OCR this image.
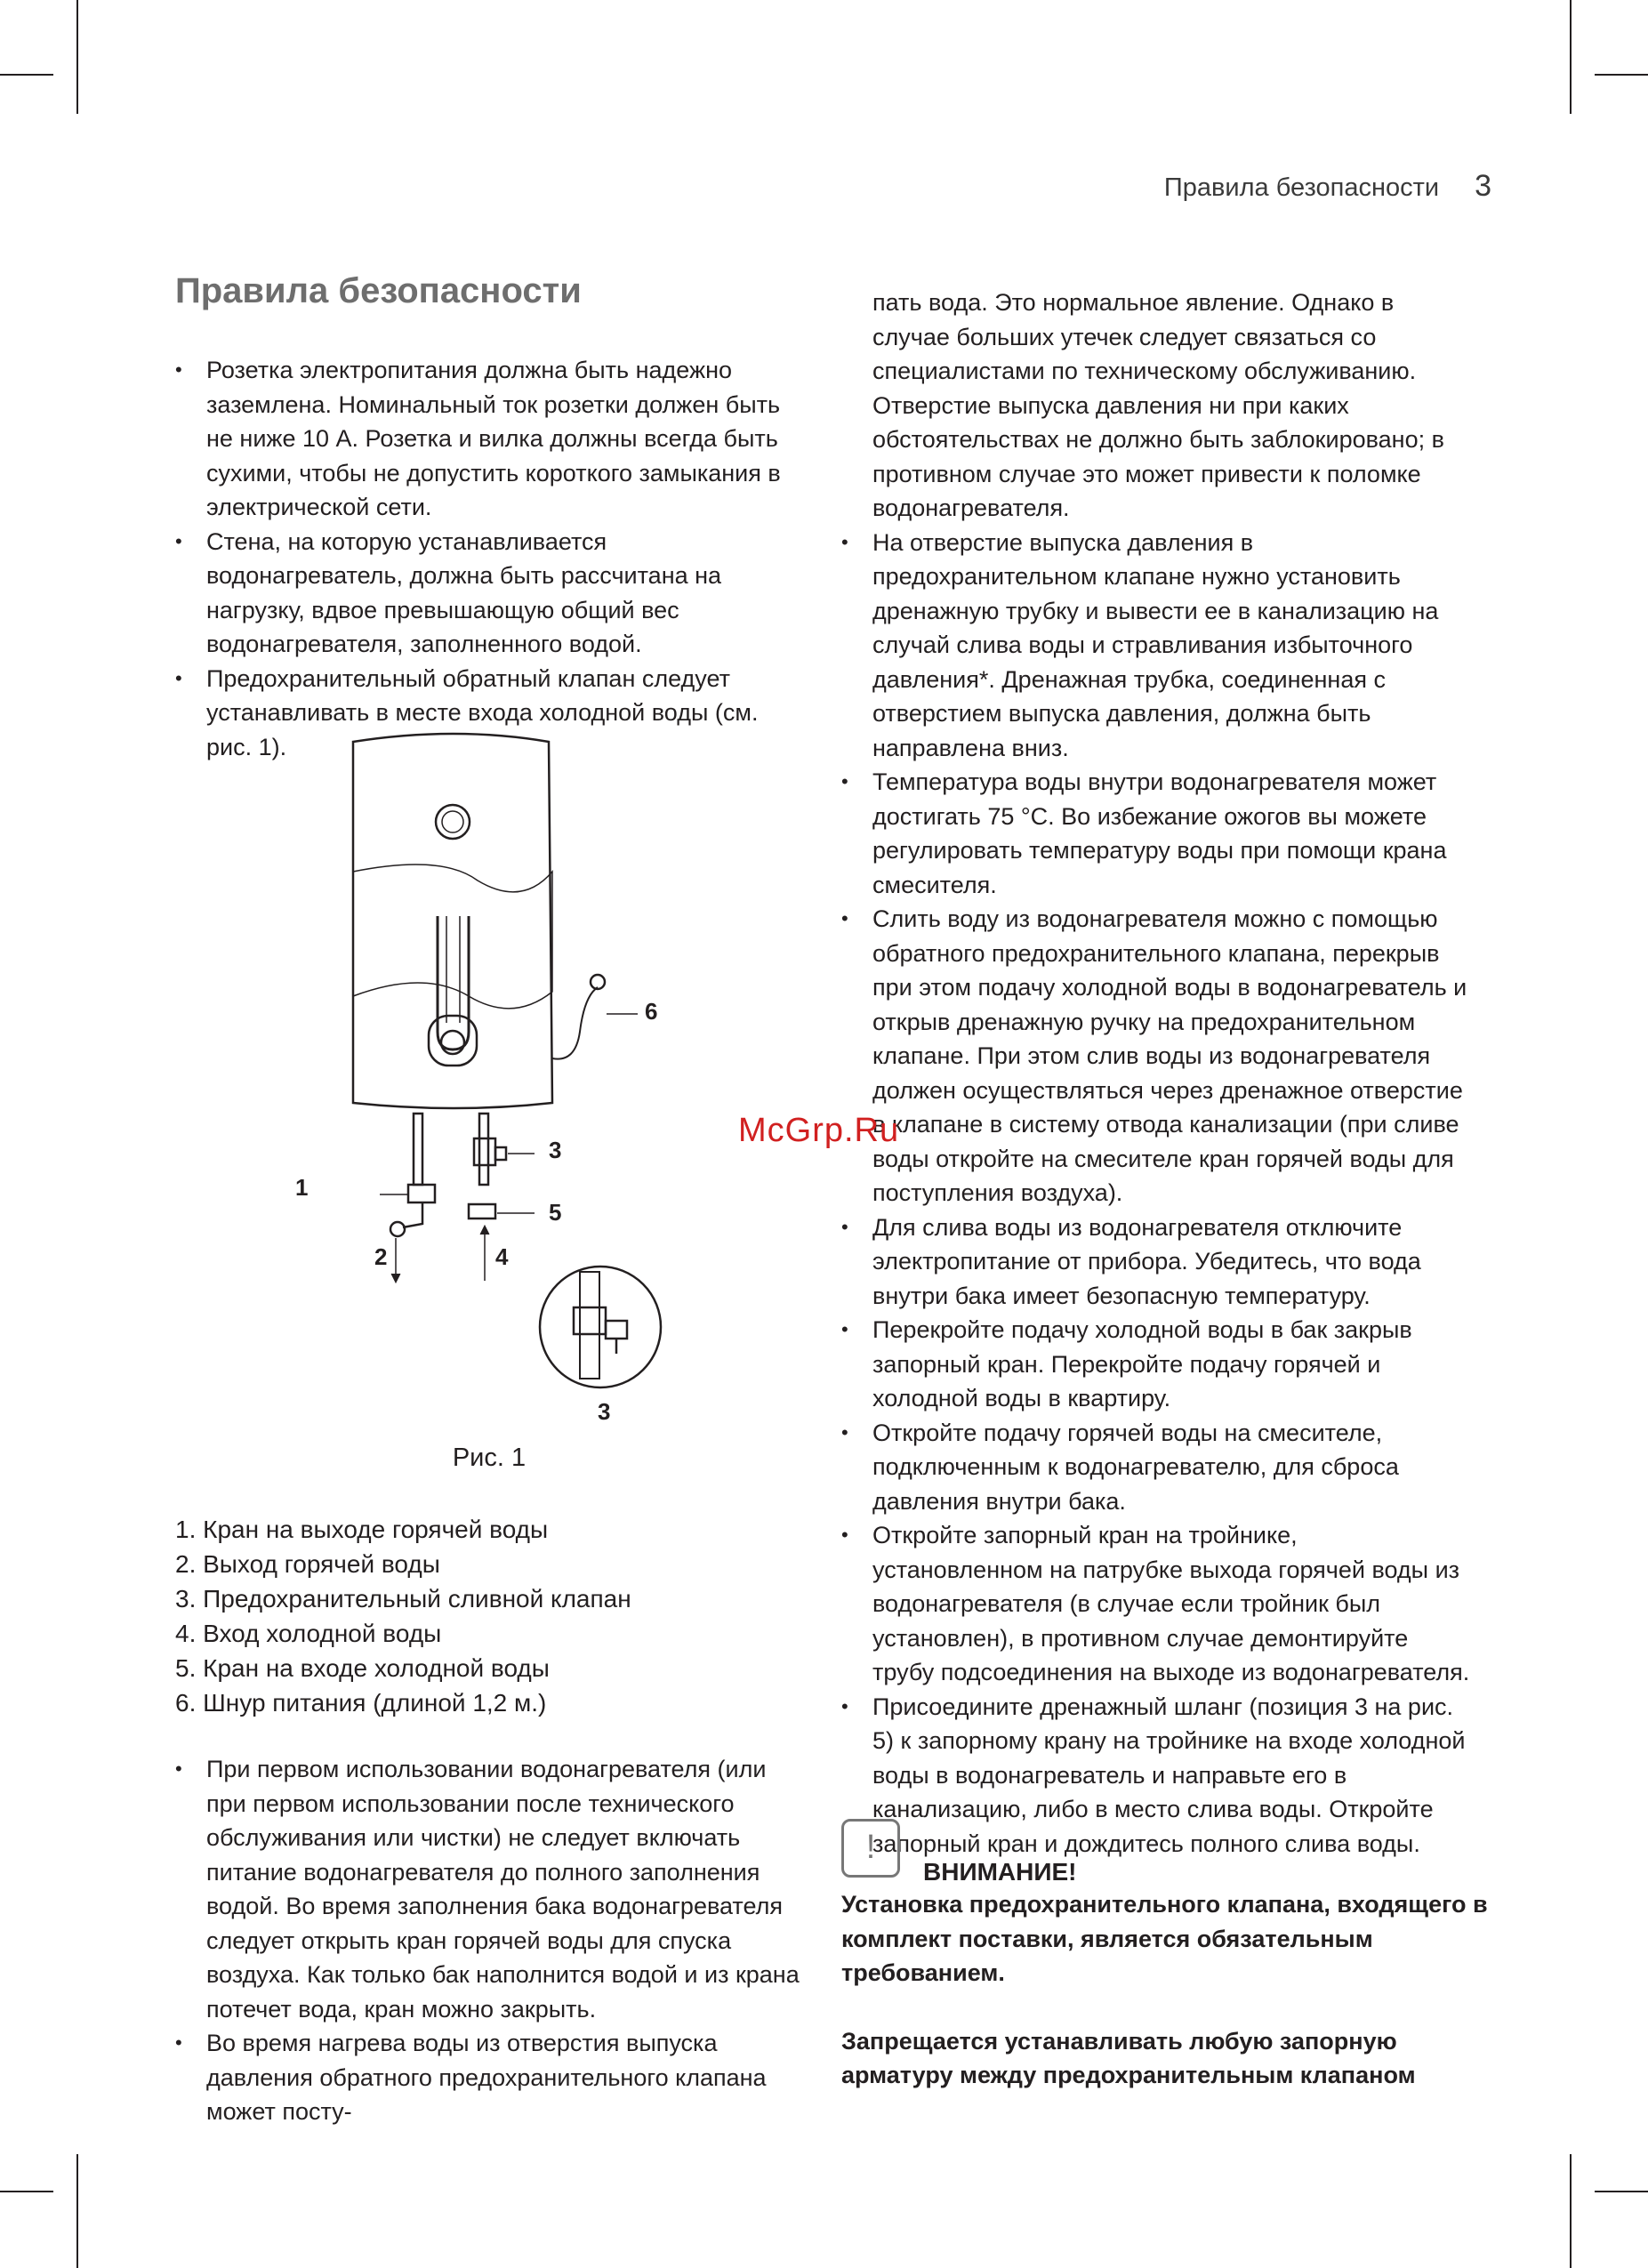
Правила безопасности 3
Правила безопасности
• Розетка электропитания должна быть надежно заземлена. Номинальный ток розетки должен быть не ниже 10 А. Розетка и вилка должны всегда быть сухими, чтобы не допустить короткого замыкания в электрической сети.
• Стена, на которую устанавливается водонагреватель, должна быть рассчитана на нагрузку, вдвое превышающую общий вес водонагревателя, заполненного водой.
• Предохранительный обратный клапан следует устанавливать в месте входа холодной воды (см. рис. 1).
1
2
3
4
5
6
3
Рис. 1
1. Кран на выходе горячей воды
2. Выход горячей воды
3. Предохранительный сливной клапан
4. Вход холодной воды
5. Кран на входе холодной воды
6. Шнур питания (длиной 1,2 м.)
• При первом использовании водонагревателя (или при первом использовании после технического обслуживания или чистки) не следует включать питание водонагревателя до полного заполнения водой. Во время заполнения бака водонагревателя следует открыть кран горячей воды для спуска воздуха. Как только бак наполнится водой и из крана потечет вода, кран можно закрыть.
• Во время нагрева воды из отверстия выпуска давления обратного предохранительного клапана может посту-
пать вода. Это нормальное явление. Однако в случае больших утечек следует связаться со специалистами по техническому обслуживанию. Отверстие выпуска давления ни при каких обстоятельствах не должно быть заблокировано; в противном случае это может привести к поломке водонагревателя.
• На отверстие выпуска давления в предохранительном клапане нужно установить дренажную трубку и вывести ее в канализацию на случай слива воды и стравливания избыточного давления*. Дренажная трубка, соединенная с отверстием выпуска давления, должна быть направлена вниз.
• Температура воды внутри водонагревателя может достигать 75 °C. Во избежание ожогов вы можете регулировать температуру воды при помощи крана смесителя.
• Слить воду из водонагревателя можно с помощью обратного предохранительного клапана, перекрыв при этом подачу холодной воды в водонагреватель и открыв дренажную ручку на предохранительном клапане. При этом слив воды из водонагревателя должен осуществляться через дренажное отверстие в клапане в систему отвода канализации (при сливе воды откройте на смесителе кран горячей воды для поступления воздуха).
• Для слива воды из водонагревателя отключите электропитание от прибора. Убедитесь, что вода внутри бака имеет безопасную температуру.
• Перекройте подачу холодной воды в бак закрыв запорный кран. Перекройте подачу горячей и холодной воды в квартиру.
• Откройте подачу горячей воды на смесителе, подключенным к водонагревателю, для сброса давления внутри бака.
• Откройте запорный кран на тройнике, установленном на патрубке выхода горячей воды из водонагревателя (в случае если тройник был установлен), в противном случае демонтируйте трубу подсоединения на выходе из водонагревателя.
• Присоедините дренажный шланг (позиция 3 на рис. 5) к запорному крану на тройнике на входе холодной воды в водонагреватель и направьте его в канализацию, либо в место слива воды. Откройте запорный кран и дождитесь полного слива воды.
!
ВНИМАНИЕ!

Установка предохранительного клапана, входящего в комплект поставки, является обязательным требованием.

Запрещается устанавливать любую запорную арматуру между предохранительным клапаном

McGrp.Ru
